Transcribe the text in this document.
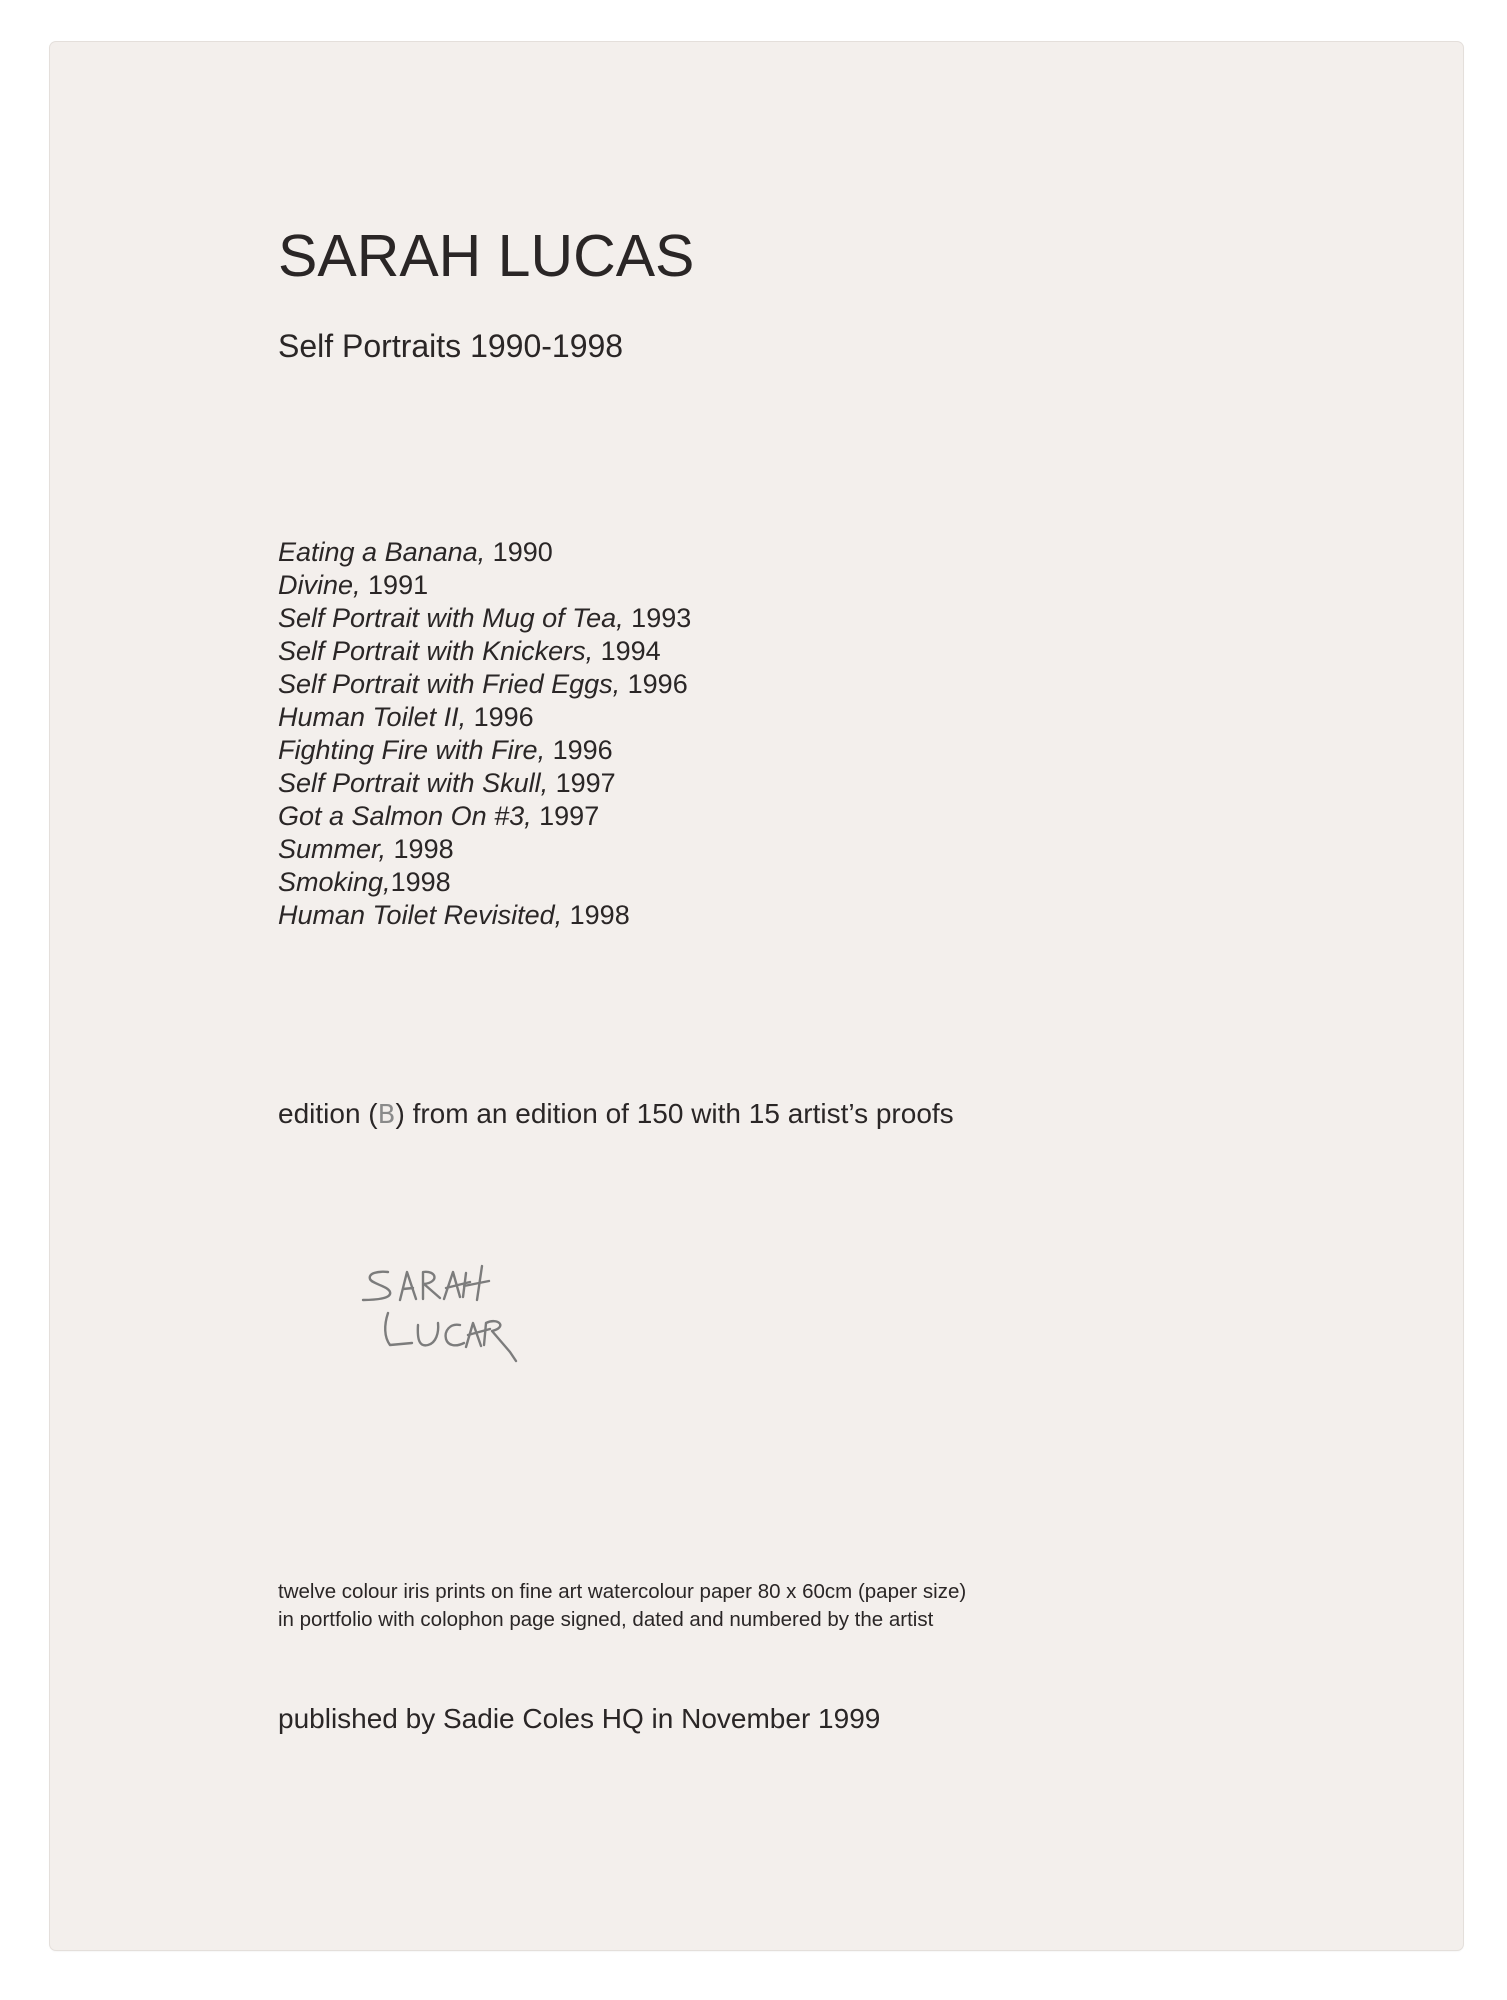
SARAH LUCAS
Self Portraits 1990-1998
Eating a Banana, 1990
Divine, 1991
Self Portrait with Mug of Tea, 1993
Self Portrait with Knickers, 1994
Self Portrait with Fried Eggs, 1996
Human Toilet II, 1996
Fighting Fire with Fire, 1996
Self Portrait with Skull, 1997
Got a Salmon On #3, 1997
Summer, 1998
Smoking,1998
Human Toilet Revisited, 1998
edition (B) from an edition of 150 with 15 artist’s proofs
twelve colour iris prints on fine art watercolour paper 80 x 60cm (paper size)
in portfolio with colophon page signed, dated and numbered by the artist
published by Sadie Coles HQ in November 1999
